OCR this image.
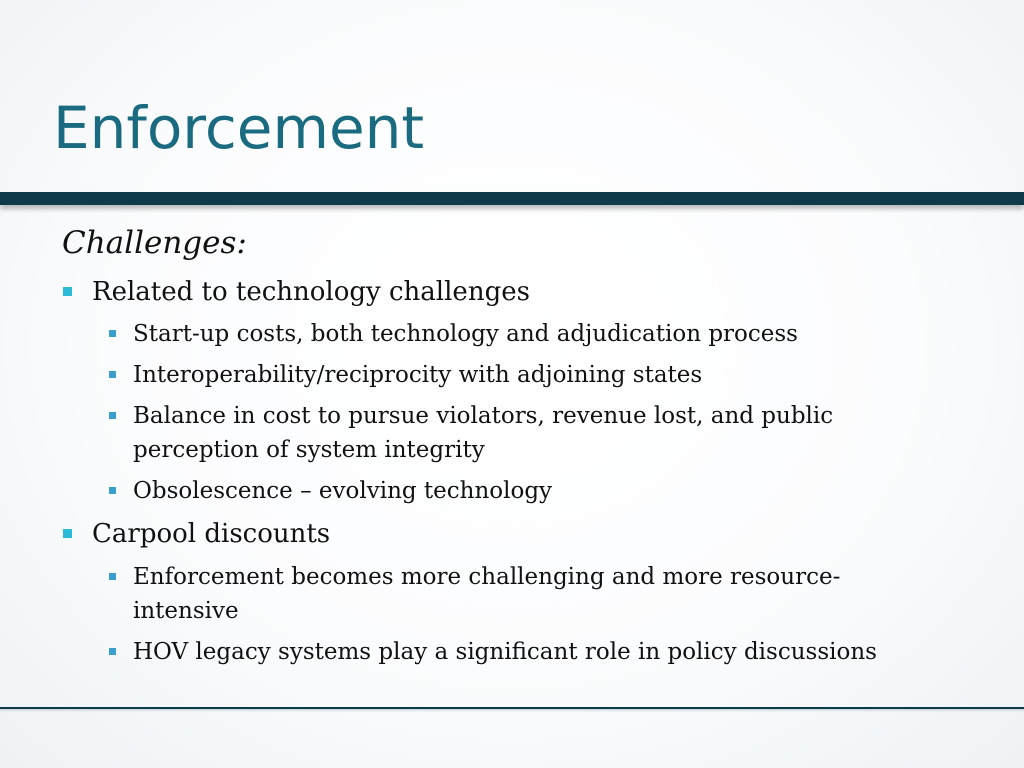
Enforcement
Challenges:
Related to technology challenges
Start-up costs, both technology and adjudication process
Interoperability/reciprocity with adjoining states
Balance in cost to pursue violators, revenue lost, and public perception of system integrity
Obsolescence – evolving technology
Carpool discounts
Enforcement becomes more challenging and more resource-intensive
HOV legacy systems play a significant role in policy discussions
